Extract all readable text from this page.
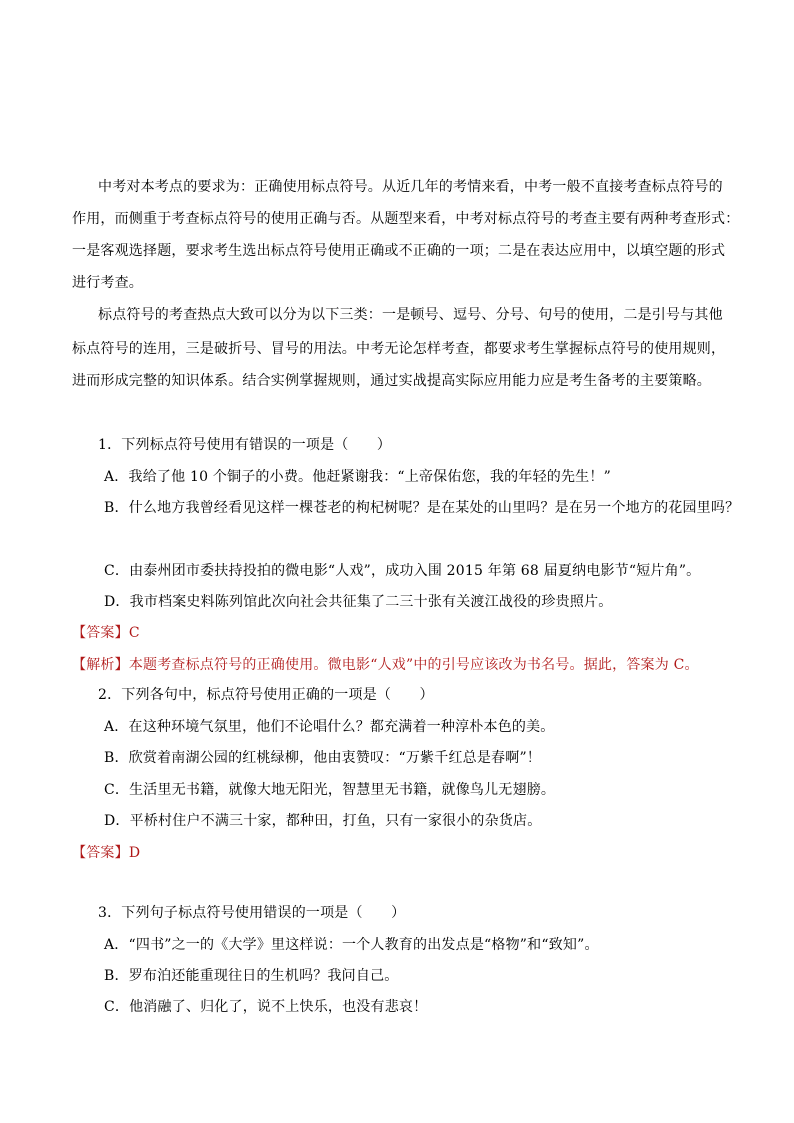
中考对本考点的要求为：正确使用标点符号。从近几年的考情来看，中考一般不直接考查标点符号的
作用，而侧重于考查标点符号的使用正确与否。从题型来看，中考对标点符号的考查主要有两种考查形式：
一是客观选择题，要求考生选出标点符号使用正确或不正确的一项；二是在表达应用中，以填空题的形式
进行考查。
标点符号的考查热点大致可以分为以下三类：一是顿号、逗号、分号、句号的使用，二是引号与其他
标点符号的连用，三是破折号、冒号的用法。中考无论怎样考查，都要求考生掌握标点符号的使用规则，
进而形成完整的知识体系。结合实例掌握规则，通过实战提高实际应用能力应是考生备考的主要策略。
1．下列标点符号使用有错误的一项是（　　）
A．我给了他 10 个铜子的小费。他赶紧谢我：“上帝保佑您，我的年轻的先生！”
B．什么地方我曾经看见这样一棵苍老的枸杞树呢？是在某处的山里吗？是在另一个地方的花园里吗？
C．由泰州团市委扶持投拍的微电影“人戏”，成功入围 2015 年第 68 届夏纳电影节“短片角”。
D．我市档案史料陈列馆此次向社会共征集了二三十张有关渡江战役的珍贵照片。
【答案】C
【解析】本题考查标点符号的正确使用。微电影“人戏”中的引号应该改为书名号。据此，答案为 C。
2．下列各句中，标点符号使用正确的一项是（　　）
A．在这种环境气氛里，他们不论唱什么？都充满着一种淳朴本色的美。
B．欣赏着南湖公园的红桃绿柳，他由衷赞叹：“万紫千红总是春啊”！
C．生活里无书籍，就像大地无阳光，智慧里无书籍，就像鸟儿无翅膀。
D．平桥村住户不满三十家，都种田，打鱼，只有一家很小的杂货店。
【答案】D
3．下列句子标点符号使用错误的一项是（　　）
A．“四书”之一的《大学》里这样说：一个人教育的出发点是“格物”和“致知”。
B．罗布泊还能重现往日的生机吗？我问自己。
C．他消融了、归化了，说不上快乐，也没有悲哀！
